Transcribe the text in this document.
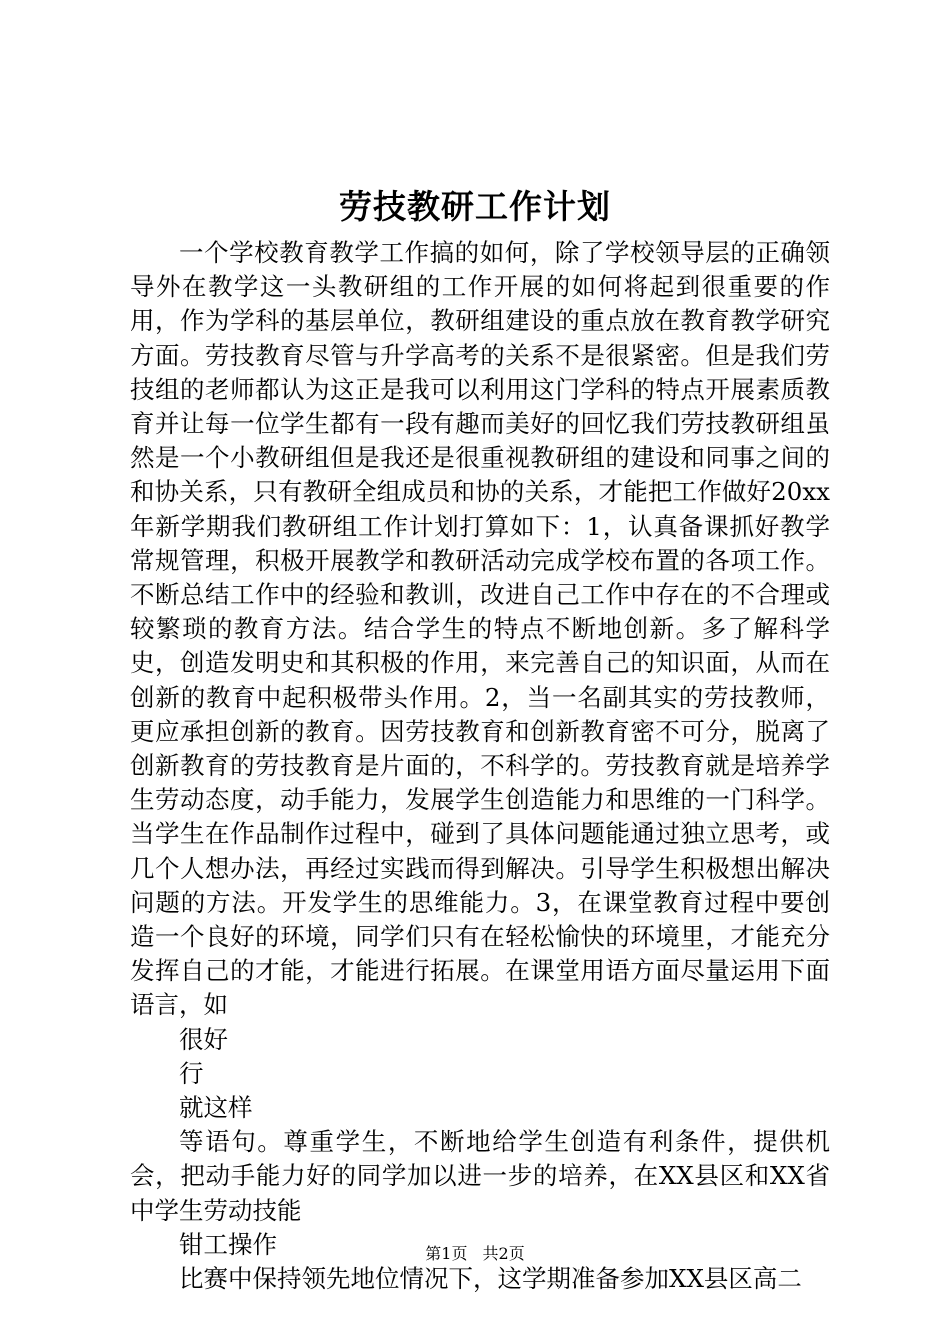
劳技教研工作计划

一个学校教育教学工作搞的如何，除了学校领导层的正确领导外在教学这一头教研组的工作开展的如何将起到很重要的作用，作为学科的基层单位，教研组建设的重点放在教育教学研究方面。劳技教育尽管与升学高考的关系不是很紧密。但是我们劳技组的老师都认为这正是我可以利用这门学科的特点开展素质教育并让每一位学生都有一段有趣而美好的回忆我们劳技教研组虽然是一个小教研组但是我还是很重视教研组的建设和同事之间的和协关系，只有教研全组成员和协的关系，才能把工作做好20xx年新学期我们教研组工作计划打算如下：1，认真备课抓好教学常规管理，积极开展教学和教研活动完成学校布置的各项工作。不断总结工作中的经验和教训，改进自己工作中存在的不合理或较繁琐的教育方法。结合学生的特点不断地创新。多了解科学史，创造发明史和其积极的作用，来完善自己的知识面，从而在创新的教育中起积极带头作用。2，当一名副其实的劳技教师，更应承担创新的教育。因劳技教育和创新教育密不可分，脱离了创新教育的劳技教育是片面的，不科学的。劳技教育就是培养学生劳动态度，动手能力，发展学生创造能力和思维的一门科学。当学生在作品制作过程中，碰到了具体问题能通过独立思考，或几个人想办法，再经过实践而得到解决。引导学生积极想出解决问题的方法。开发学生的思维能力。3，在课堂教育过程中要创造一个良好的环境，同学们只有在轻松愉快的环境里，才能充分发挥自己的才能，才能进行拓展。在课堂用语方面尽量运用下面语言，如

很好

行

就这样

等语句。尊重学生，不断地给学生创造有利条件，提供机会，把动手能力好的同学加以进一步的培养，在XX县区和XX省中学生劳动技能

钳工操作

比赛中保持领先地位情况下，这学期准备参加XX县区高二

第1页 共2页
